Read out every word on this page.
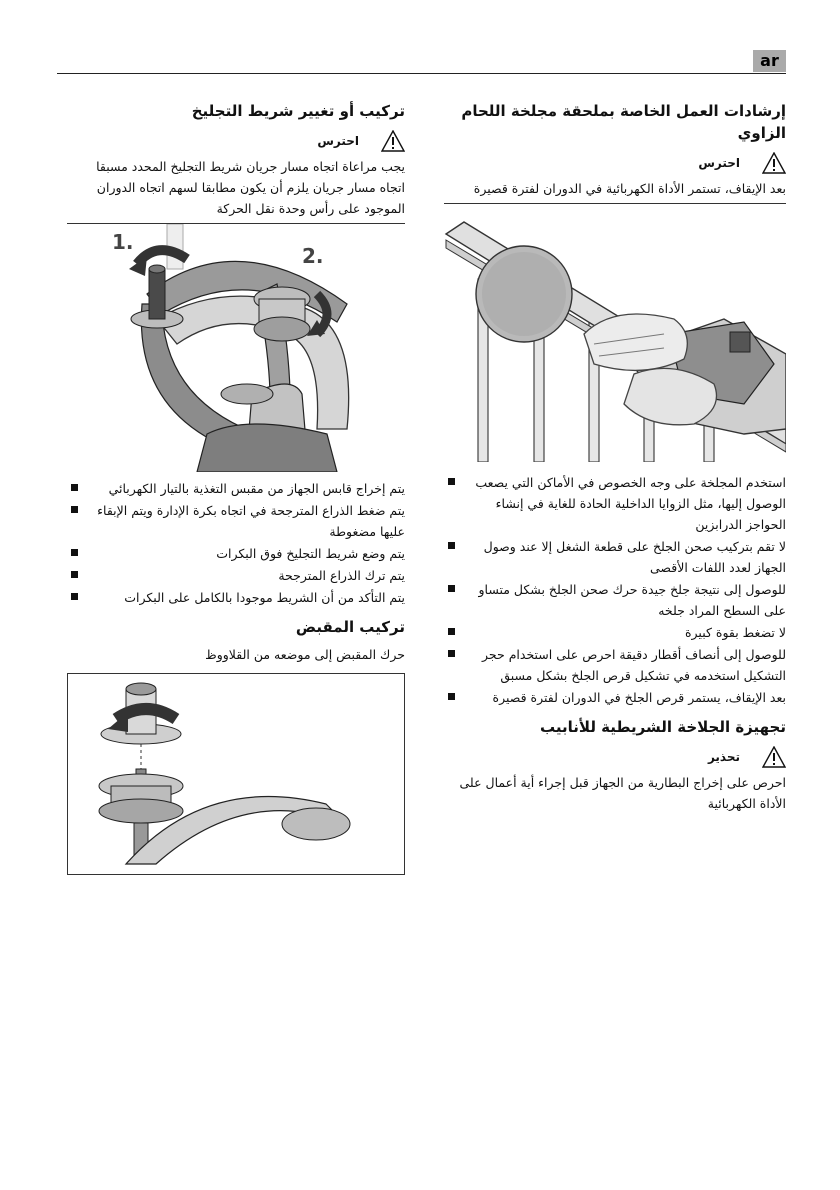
ar
إرشادات العمل الخاصة بملحقة مجلخة اللحام الزاوي
احترس

بعد الإيقاف، تستمر الأداة الكهربائية في الدوران لفترة قصيرة

استخدم المجلخة على وجه الخصوص في الأماكن التي يصعب الوصول إليها، مثل الزوايا الداخلية الحادة للغاية في إنشاء الحواجز الدرابزين
لا تقم بتركيب صحن الجلخ على قطعة الشغل إلا عند وصول الجهاز لعدد اللفات الأقصى
للوصول إلى نتيجة جلخ جيدة حرك صحن الجلخ بشكل متساو على السطح المراد جلخه
لا تضغط بقوة كبيرة
للوصول إلى أنصاف أقطار دقيقة احرص على استخدام حجر التشكيل استخدمه في تشكيل قرص الجلخ بشكل مسبق
بعد الإيقاف، يستمر قرص الجلخ في الدوران لفترة قصيرة
تجهيزة الجلاخة الشريطية للأنابيب
تحذير

احرص على إخراج البطارية من الجهاز قبل إجراء أية أعمال على الأداة الكهربائية

تركيب أو تغيير شريط التجليخ
احترس

يجب مراعاة اتجاه مسار جريان شريط التجليخ المحدد مسبقا اتجاه مسار جريان يلزم أن يكون مطابقا لسهم اتجاه الدوران الموجود على رأس وحدة نقل الحركة

1.
2.
يتم إخراج قابس الجهاز من مقبس التغذية بالتيار الكهربائي
يتم ضغط الذراع المترجحة في اتجاه بكرة الإدارة ويتم الإبقاء عليها مضغوطة
يتم وضع شريط التجليخ فوق البكرات
يتم ترك الذراع المترجحة
يتم التأكد من أن الشريط موجودا بالكامل على البكرات
تركيب المقبض

حرك المقبض إلى موضعه من القلاووظ
